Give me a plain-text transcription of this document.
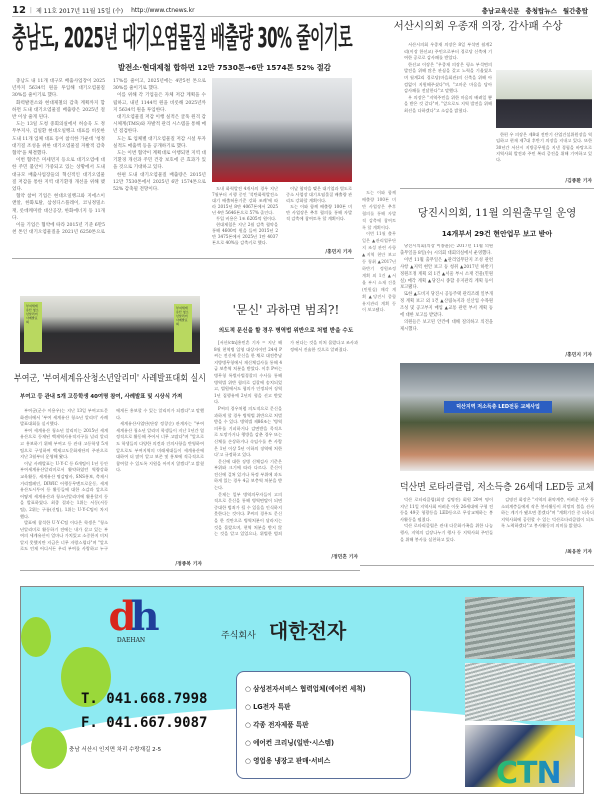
12 | 제 11호 2017년 11월 15일 (수) http://www.ctnews.kr	충남교육신문 충청탑뉴스 월간충탑
충남도, 2025년 대기오염물질 배출량 30% 줄이기로
발전소·현대제철 합하면 12만 7530톤→6만 1574톤 52% 절감

충남도 내 11개 대구모 배출사업장이 2025년까지 5634억 원을 투입해 대기오염물질 30%를 줄이기로 했다.

화력발전소와 현대제철의 감축 계획까지 합하면 도내 대기오염물질 배출량은 2025년 절반 이상 줄게 된다.

도는 13일 도청 중회의실에서 허승욱 도 정무부지사, 김일환 현대오일뱅크 대표를 비롯한 도내 11개 업체 대표 등이 참석한 가운데 '청정 대기질 조성을 위한 대기오염물질 자발적 감축 협약'을 체결했다.

이번 협약은 미세먼지 등으로 대기오염에 대한 주민 불안이 가중되고 있는 상황에서 도내 대규모 배출사업장들의 혁신적인 대기오염물질 저감을 통한 지역 대기환경 개선을 위해 맺었다.

협약 참여 기업은 현대오일뱅크와 지에스이앤알, 한화토탈, 삼성디스플레이, 코닝정밀소재, 롯데케미칼 대산공장, 한화에너지 등 11개다.

이들 기업은 협약에 따라 2015년 기준 6만5천 톤인 대기오염물질을 2021년 6250톤으로 17%를 줄이고, 2025년에는 4만5천 톤으로 30%를 줄이기로 했다.

이를 위해 각 기업들은 자체 저감 계획을 수립하고, 내년 1144억 원을 비롯해 2025년까지 5634억 원을 투입한다.

대기오염물질 저감 이행 실적은 굴뚝 원격 감시체계(TMS)와 자발적 관리 시스템을 통해 매년 점검한다.

도는 또 업체별 대기오염물질 저감 시설 투자 실적도 매출액 등을 공개하기로 했다.

도는 이번 협약이 계획대로 이행되면 지역 대기환경 개선과 주민 건강 보호에 큰 효과가 있을 것으로 기대하고 있다.

한편 도내 대기오염물질 배출량은 2015년 12만 7530톤에서 2025년 6만 1574톤으로 52% 감축될 전망이다.	도내 화력발전 4개사의 경우 지난 7월부터 시행 중인 '석탄화력발전소 대기 배출허용기준 강화 조례'에 따라 2015년 8만 4067톤에서 2025년 4만 5646톤으로 57% 줄인다.

투입 비용은 1조 6205억 원이다.

현대제철은 지난 2월 감축 협약을 통해 4600억 원을 들여 2015년 2만 3475톤에서 2025년 1만 4037톤으로 40%를 감축키로 했다.

이날 협약을 맺은 대기업과 별도로 중소 사업장 대기오염물질 배출량 관리도 강화할 계획이다.

도는 이와 함께 배출량 100톤 미만 사업장은 추후 협의를 통해 자발적 감축에 참여토록 할 계획이다.

/홍민지 기자
서산시의회 우종재 의장, 감사패 수상

서산시의회 우종재 의장은 8일 부석면 월계2리(이장 한선교) 주민으로부터 경로당 신축에 기여한 공로로 감사패를 받았다.

한선교 이장은 "우종재 의장은 평소 부석면의 발전을 위해 많은 관심을 갖고 노력을 기울였으며 월계2리 경로당(마을회관)의 신축을 위해 아낌없이 지원해주셨다"며, "고마운 마음을 담아 감사패를 전달한다"고 말했다.

우 의장은 "지역주민을 위한 마음의 배려일 뿐을 받은 것 같다"며, "앞으로도 지역 발전을 위해 최선을 다하겠다"고 소감을 밝혔다.

한편 우 의장은 제8대 전반기 산업건설위원장을 역임하고 현재 제7대 후반기 의장을 지내고 있다. 또한 30년간 서산시 지방공무원을 지낸 경험을 바탕으로 지역사회 발전과 주민 복리 증진을 위해 기여하고 있다.

/김종환 기자
당진시의회, 11월 의원출무일 운영
14개부서 29건 현안업무 보고 받아

당진시의회(의장 이종윤)는 2017년 11월 의원출무일을 8일(수) 시의회 대회의실에서 운영했다.

이번 11월 출무일은 ▲관리업무단지 조성 관련 사항 ▲지역 현안 보고 등 청취 ▲2017년 하반기 정원조정 계획 외 1건 ▲서울 부시 소재 건물(민원실) 매각 계획 ▲당진시 종합 유지관리 계획 등이 보고됐다.

또한 ▲도비지 당진시 공동주택 관리조례 일부개정 계획 보고 외 1건 ▲산림녹지과 신산업 수목원 조성 및 공고부지 매입 ▲교통 관련 부서 계획 등에 대한 보고를 받았다.

의원들은 보고된 안건에 대해 질의하고 의견을 제시했다.

/홍민지 기자

도는 이와 함께 배출량 100톤 미만 사업장은 추후 협의를 통해 자발적 감축에 참여토록 할 계획이다.

이번 11월 출무일은 ▲관리업무단지 조성 관련 사항 ▲지역 현안 보고 등 청취 ▲2017년 하반기 정원조정 계획 외 1건 ▲서울 부시 소재 건물(민원실) 매각 계획 ▲당진시 종합 유지관리 계획 등이 보고됐다.

덕산지역 저소득층 LED전등 교체사업
덕산면 로타리클럽, 저소득층 26세대 LED등 교체

덕산 로타리클럽(회장 김명진) 회원 20여 명이 지난 11일 지역사회 어려운 이웃 26세대에 구형 전등을 49곳 형광등을 LED등으로 무상교체하는 봉사활동을 펼쳤다.

덕산 로타리클럽은 관내 다문화가족을 위한 나눔행사, 지역의 김장나누기 행사 등 지역사회 주민들을 위해 봉사를 실천하고 있다.

김명진 회장은 "지역의 취약계층, 어려운 이웃 등 소외계층들에게 작은 봉사활동이 희망의 불을 선사하는 계기가 됐으면 좋겠다"며 "계획기간 중 더욱더 지역사회에 공헌할 수 있는 덕산로타리클럽이 되도록 노력하겠다"고 봉사활동의 의미를 밝혔다.

/최웅찬 기자
부여세계유산 청소년알리미 사례발표회
부여세계유산 청소년알리미 사례발표회
부여군, '부여세계유산청소년알리미' 사례발표대회 실시
부여고 등 관내 5개 고등학생 40여명 참여, 사례발표 및 시상식 가져

부여군(군수 이용우)는 지난 13일 부여고도문화센터에서 '부여 세계유산 청소년 알리미' 사례발표대회를 실시했다.

부여 세계유산 청소년 알리미는 2015년 세계유산으로 등재된 백제역사유적지구를 널리 알리고 홍보하기 위해 부여고 등 관내 고등학생 5개팀으로 구성하여 백제고도문화재단의 주관으로 지난 3월부터 운영해 왔다.

이날 사례발표는 U·Y·C 등 6개팀이 1년 동안 부여세계유산알리미로서 활약하였던 역량강화 교육활동, 세계유산 명감탐사, SNS홍보, 축제시 거리캠페인, DIWIC 어행동무맨프로운동, 세계유산도시투어 등 활동들에 대한 소감과 앞으로 어떻게 세계유산과 청소년알리미에 활용할지 등을 발표하였다. 최종 결과는 1위는 서동(서동팀), 2위는 구름(신팀), 1위는 U·Y·C팀이 차지했다.

발표에 참석한 U·Y·C팀 이다은 학생은 "청소년알리미로 활동하기 전에는 내가 살고 있는 부여의 세계유산이 얼마나 가치있고 소중한지 미처 알지 못했지만 지금은 너무 자랑스럽다"며 "앞으로도 언제 어디서든 우리 부여를 사랑하고 누구에게든 홍보할 수 있는 알리미가 되겠다"고 말했다.

세계유산사업단(단장 정창순) 관계자는 "부여세계유산 청소년 알리미 학생들이 지난 1년간 열정적으로 활동해 주어서 너무 고맙다"며 "앞으로도 학생들의 다양한 의견과 건의사항을 반영하여 앞으로도 부여지역의 미래세대들이 세계유산에 대하여 더 많이 알고 보존 및 홍보에 적극적으로 참여할 수 있도록 지원을 아끼지 않겠다"고 밝혔다.

/정종복 기자
'문신' 과하면 범죄?!
의도적 문신을 할 경우 병역법 위반으로 처벌 받을 수도

[서산/ctn]홍민흔 기자 = 지난 해 8월 현역병 입영 대상자이던 24세 P씨는 전신에 문신을 한 채로 대전충남지방병무청에서 재신체검사를 통해 4급 보충역 처분을 받았다. 이후 P씨는 병무청 특별사법경찰의 수사를 통해 병역법 위반 혐의로 검찰에 송치되었고, 법원에서도 혐의가 인정되어 징역 1년 집행유예 2년의 형을 선고 받았다.

P씨의 경우처럼 의도적으로 문신을 과하게 할 경우 병역법 위반으로 처벌 받을 수 있다. 병역법 제86조는 '병역의무를 기피하거나 감면받을 목적으로 도망가거나 행방을 감춘 경우 또는 신체를 손상하거나 속임수를 쓴 사람은 1년 이상 5년 이하의 징역에 처한다'고 규정하고 있다.

문신에 대한 징병 신체검사 기준은 부위와 크기에 따라 다르다. 문신이 전신에 걸쳐 있거나 특정 부위에 과도하게 있는 경우 4급 보충역 처분을 받는다.

문제는 일부 병역의무자들이 고의적으로 문신을 통해 병역면탈이 되면 중대한 범죄가 될 수 있음을 인식하지 못한다는 것이다. P씨의 경우도 문신을 한 것만으로 병역처분이 달라지는 것을 몰랐으며, 현역 처분을 받지 않는 것을 알고 있었으나, 위법한 범죄가 된다는 것을 미처 몰랐다고 조사과정에서 진술한 것으로 알려졌다.

/정민흔 기자
dh
DAEHAN	주식회사 대한전자
T. 041.668.7998
F. 041.667.9087
충남 서산시 인지면 차리 수랑재길 2-5
○ 삼성전자서비스 협력업체(에어컨 세척)
○ LG전자 특판
○ 각종 전자제품 특판
○ 에어컨 크리닝(일반·시스템)
○ 영업용 냉장고 판매·서비스	CTN
